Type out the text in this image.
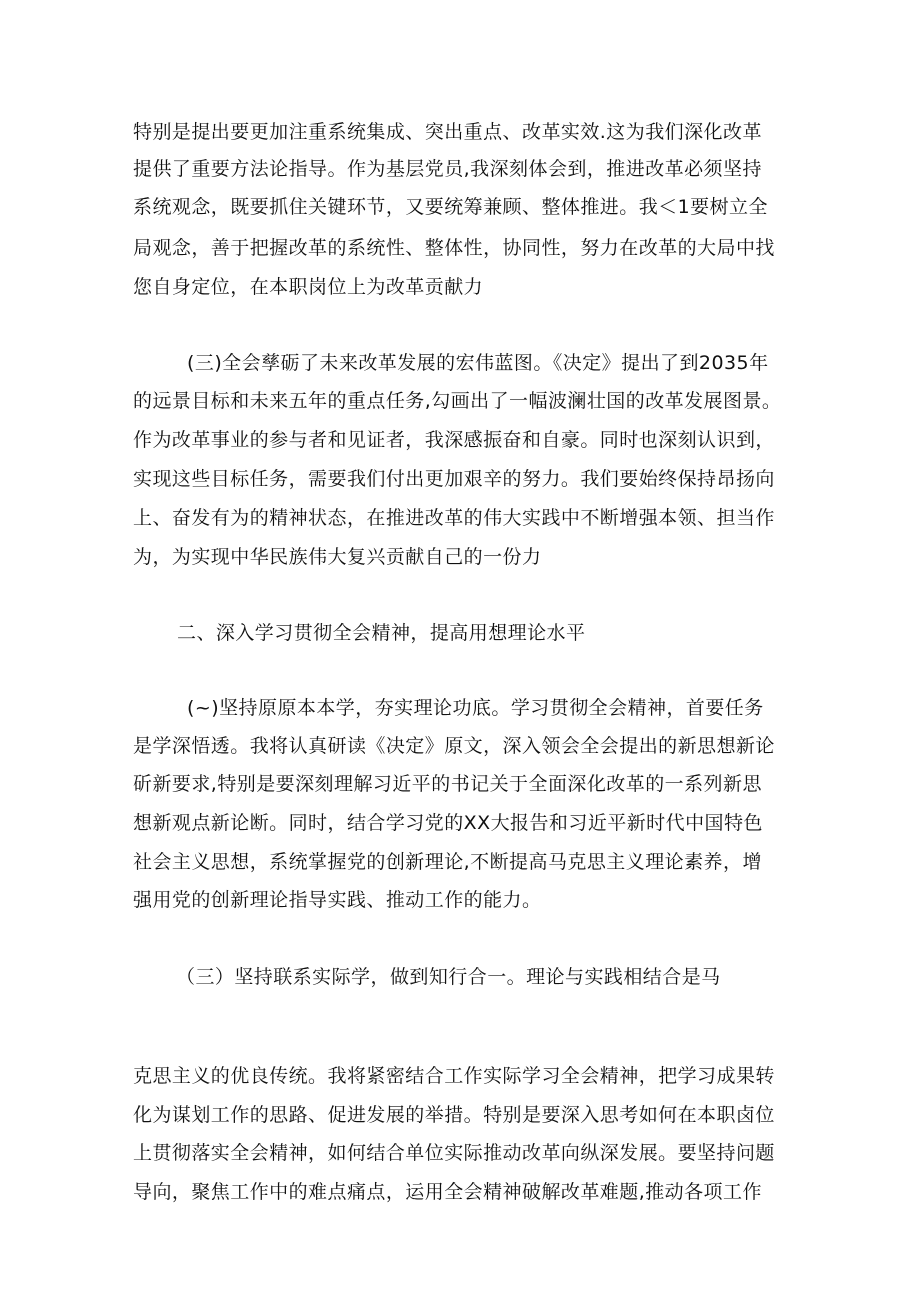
特别是提出要更加注重系统集成、突出重点、改革实效.这为我们深化改革
提供了重要方法论指导。作为基层党员,我深刻体会到，推进改革必须坚持
系统观念，既要抓住关键环节，又要统筹兼顾、整体推进。我＜1要树立全
局观念，善于把握改革的系统性、整体性，协同性，努力在改革的大局中找
您自身定位，在本职岗位上为改革贡献力
(三)全会孳砺了未来改革发展的宏伟蓝图。《决定》提出了到2035年
的远景目标和未来五年的重点任务,勾画出了一幅波澜壮国的改革发展图景。
作为改革事业的参与者和见证者，我深感振奋和自豪。同时也深刻认识到，
实现这些目标任务，需要我们付出更加艰辛的努力。我们要始终保持昂扬向
上、奋发有为的精神状态，在推进改革的伟大实践中不断增强本领、担当作
为，为实现中华民族伟大复兴贡献自己的一份力
二、深入学习贯彻全会精神，提高用想理论水平
(~)坚持原原本本学，夯实理论功底。学习贯彻全会精神，首要任务
是学深悟透。我将认真研读《决定》原文，深入领会全会提出的新思想新论
斫新要求,特别是要深刻理解习近平的书记关于全面深化改革的一系列新思
想新观点新论断。同时，结合学习党的XX大报告和习近平新时代中国特色
社会主义思想，系统掌握党的创新理论,不断提高马克思主义理论素养，增
强用党的创新理论指导实践、推动工作的能力。
（三）坚持联系实际学，做到知行合一。理论与实践相结合是马
克思主义的优良传统。我将紧密结合工作实际学习全会精神，把学习成果转
化为谋划工作的思路、促进发展的举措。特别是要深入思考如何在本职卤位
上贯彻落实全会精神，如何结合单位实际推动改革向纵深发展。要坚持问题
导向，聚焦工作中的难点痛点，运用全会精神破解改革难题,推动各项工作
